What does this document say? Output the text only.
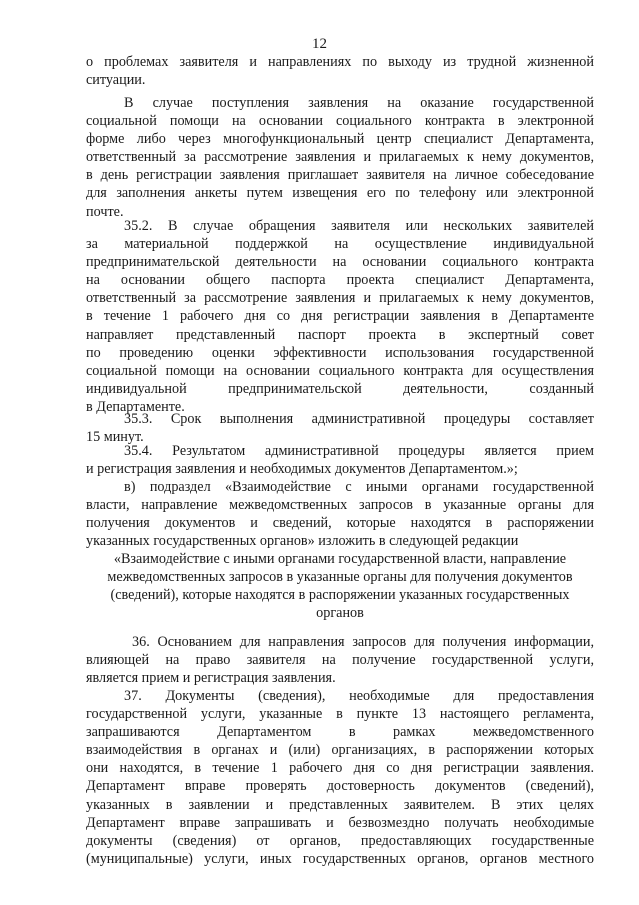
12
о проблемах заявителя и направлениях по выходу из трудной жизненной
ситуации.
В случае поступления заявления на оказание государственной
социальной помощи на основании социального контракта в электронной
форме либо через многофункциональный центр специалист Департамента,
ответственный за рассмотрение заявления и прилагаемых к нему документов,
в день регистрации заявления приглашает заявителя на личное собеседование
для заполнения анкеты путем извещения его по телефону или электронной
почте.
35.2. В случае обращения заявителя или нескольких заявителей
за материальной поддержкой на осуществление индивидуальной
предпринимательской деятельности на основании социального контракта
на основании общего паспорта проекта специалист Департамента,
ответственный за рассмотрение заявления и прилагаемых к нему документов,
в течение 1 рабочего дня со дня регистрации заявления в Департаменте
направляет представленный паспорт проекта в экспертный совет
по проведению оценки эффективности использования государственной
социальной помощи на основании социального контракта для осуществления
индивидуальной предпринимательской деятельности, созданный
в Департаменте.
35.3. Срок выполнения административной процедуры составляет
15 минут.
35.4. Результатом административной процедуры является прием
и регистрация заявления и необходимых документов Департаментом.»;
в) подраздел «Взаимодействие с иными органами государственной
власти, направление межведомственных запросов в указанные органы для
получения документов и сведений, которые находятся в распоряжении
указанных государственных органов» изложить в следующей редакции
«Взаимодействие с иными органами государственной власти, направление
межведомственных запросов в указанные органы для получения документов
(сведений), которые находятся в распоряжении указанных государственных
органов
36. Основанием для направления запросов для получения информации,
влияющей на право заявителя на получение государственной услуги,
является прием и регистрация заявления.
37. Документы (сведения), необходимые для предоставления
государственной услуги, указанные в пункте 13 настоящего регламента,
запрашиваются Департаментом в рамках межведомственного
взаимодействия в органах и (или) организациях, в распоряжении которых
они находятся, в течение 1 рабочего дня со дня регистрации заявления.
Департамент вправе проверять достоверность документов (сведений),
указанных в заявлении и представленных заявителем. В этих целях
Департамент вправе запрашивать и безвозмездно получать необходимые
документы (сведения) от органов, предоставляющих государственные
(муниципальные) услуги, иных государственных органов, органов местного
